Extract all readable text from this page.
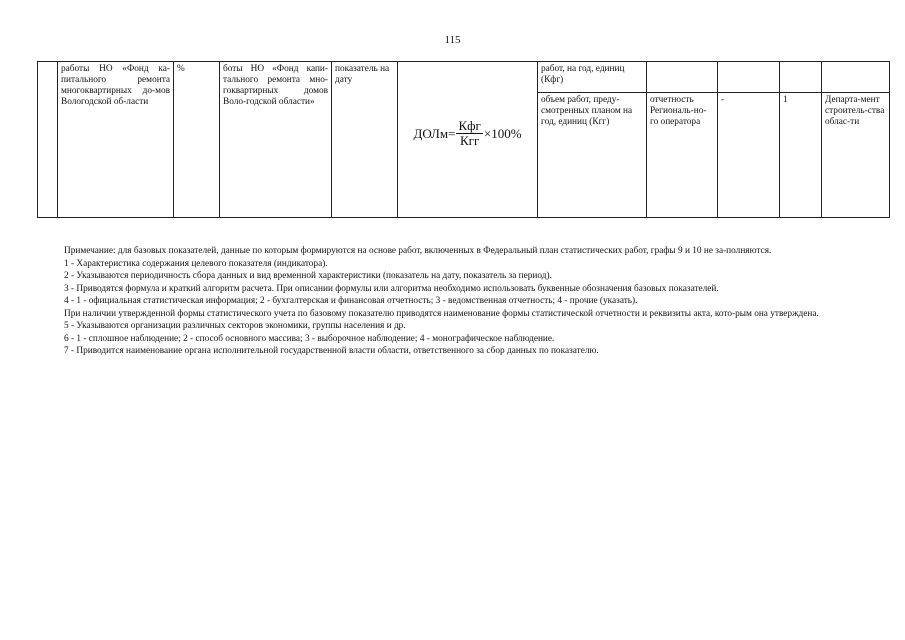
115
	работы НО «Фонд ка-питального ремонта многоквартирных до-мов Вологодской об-ласти	%	боты НО «Фонд капи-тального ремонта мно-гоквартирных домов Воло-годской области»	показатель на дату	ДОЛм= $\frac{\text{Кфг}}{\text{Кгг}} \times 100\%$	работ, на год, единиц (Кфг)				
						объем работ, преду-смотренных планом на год, единиц (Кгг)	отчетность Региональ-но-го оператора	-	1	Департа-мент строитель-ства облас-ти

Примечание: для базовых показателей, данные по которым формируются на основе работ, включенных в Федеральный план статистических работ, графы 9 и 10 не за-полняются.

1 - Характеристика содержания целевого показателя (индикатора).

2 - Указываются периодичность сбора данных и вид временной характеристики (показатель на дату, показатель за период).

3 - Приводятся формула и краткий алгоритм расчета. При описании формулы или алгоритма необходимо использовать буквенные обозначения базовых показателей.

4 - 1 - официальная статистическая информация; 2 - бухгалтерская и финансовая отчетность; 3 - ведомственная отчетность; 4 - прочие (указать).

При наличии утвержденной формы статистического учета по базовому показателю приводятся наименование формы статистической отчетности и реквизиты акта, кото-рым она утверждена.

5 - Указываются организации различных секторов экономики, группы населения и др.

6 - 1 - сплошное наблюдение; 2 - способ основного массива; 3 - выборочное наблюдение; 4 - монографическое наблюдение.

7 - Приводится наименование органа исполнительной государственной власти области, ответственного за сбор данных по показателю.
